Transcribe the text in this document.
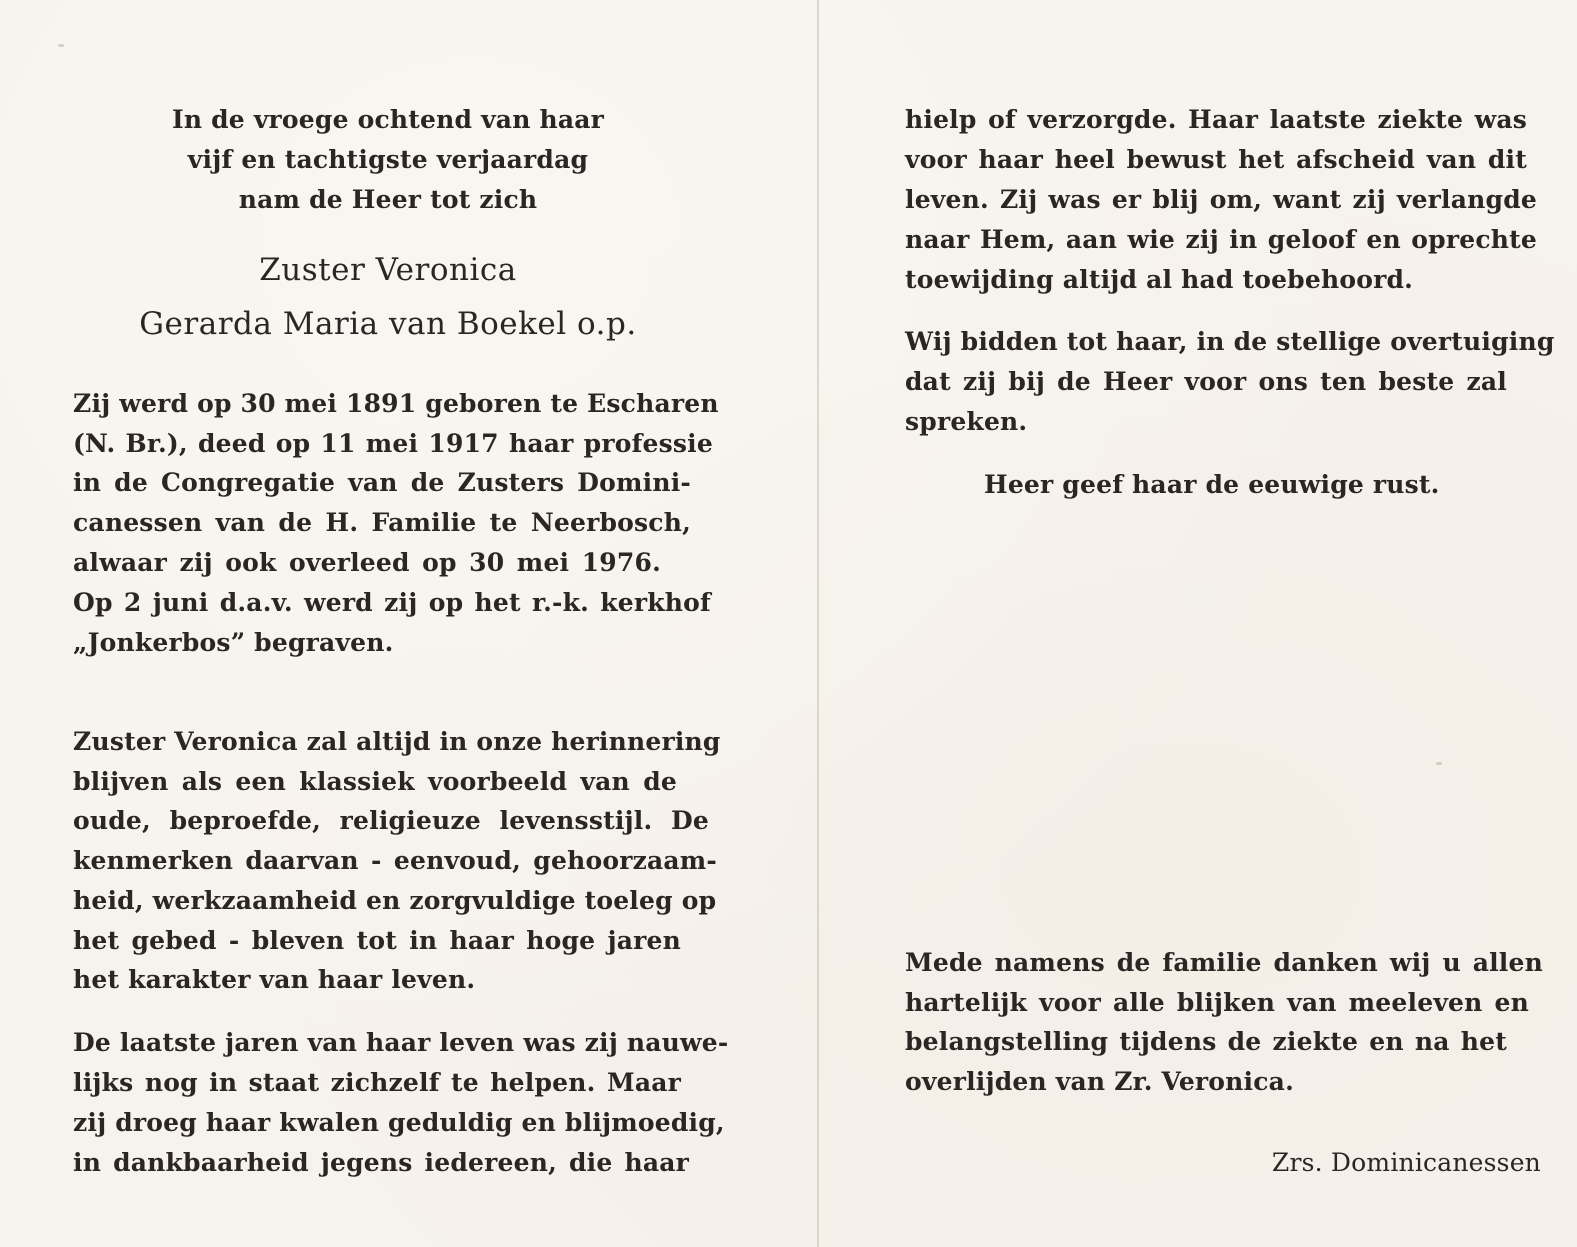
In de vroege ochtend van haar
vijf en tachtigste verjaardag
nam de Heer tot zich
Zuster Veronica
Gerarda Maria van Boekel o.p.
Zij werd op 30 mei 1891 geboren te Escharen
(N. Br.), deed op 11 mei 1917 haar professie
in de Congregatie van de Zusters Domini-
canessen van de H. Familie te Neerbosch,
alwaar zij ook overleed op 30 mei 1976.
Op 2 juni d.a.v. werd zij op het r.-k. kerkhof
„Jonkerbos” begraven.
Zuster Veronica zal altijd in onze herinnering
blijven als een klassiek voorbeeld van de
oude, beproefde, religieuze levensstijl. De
kenmerken daarvan - eenvoud, gehoorzaam-
heid, werkzaamheid en zorgvuldige toeleg op
het gebed - bleven tot in haar hoge jaren
het karakter van haar leven.
De laatste jaren van haar leven was zij nauwe-
lijks nog in staat zichzelf te helpen. Maar
zij droeg haar kwalen geduldig en blijmoedig,
in dankbaarheid jegens iedereen, die haar
hielp of verzorgde. Haar laatste ziekte was
voor haar heel bewust het afscheid van dit
leven. Zij was er blij om, want zij verlangde
naar Hem, aan wie zij in geloof en oprechte
toewijding altijd al had toebehoord.
Wij bidden tot haar, in de stellige overtuiging
dat zij bij de Heer voor ons ten beste zal
spreken.
Heer geef haar de eeuwige rust.
Mede namens de familie danken wij u allen
hartelijk voor alle blijken van meeleven en
belangstelling tijdens de ziekte en na het
overlijden van Zr. Veronica.
Zrs. Dominicanessen
